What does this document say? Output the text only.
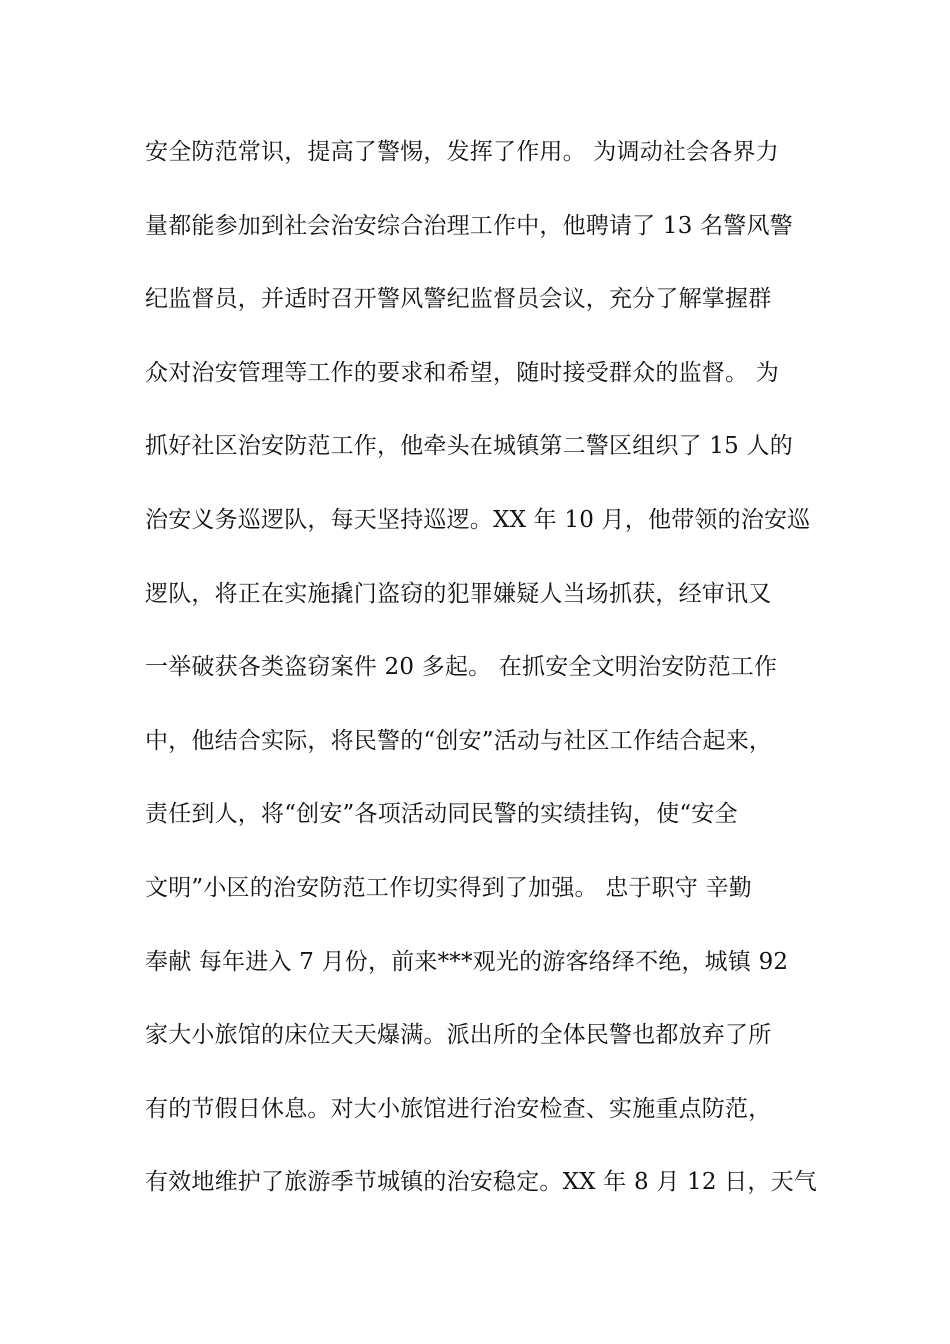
安全防范常识，提高了警惕，发挥了作用。 为调动社会各界力
量都能参加到社会治安综合治理工作中，他聘请了 13 名警风警
纪监督员，并适时召开警风警纪监督员会议，充分了解掌握群
众对治安管理等工作的要求和希望，随时接受群众的监督。 为
抓好社区治安防范工作，他牵头在城镇第二警区组织了 15 人的
治安义务巡逻队，每天坚持巡逻。XX 年 10 月，他带领的治安巡
逻队，将正在实施撬门盗窃的犯罪嫌疑人当场抓获，经审讯又
一举破获各类盗窃案件 20 多起。 在抓安全文明治安防范工作
中，他结合实际，将民警的“创安”活动与社区工作结合起来，
责任到人，将“创安”各项活动同民警的实绩挂钩，使“安全
文明”小区的治安防范工作切实得到了加强。 忠于职守 辛勤
奉献 每年进入 7 月份，前来***观光的游客络绎不绝，城镇 92
家大小旅馆的床位天天爆满。派出所的全体民警也都放弃了所
有的节假日休息。对大小旅馆进行治安检查、实施重点防范，
有效地维护了旅游季节城镇的治安稳定。XX 年 8 月 12 日，天气
